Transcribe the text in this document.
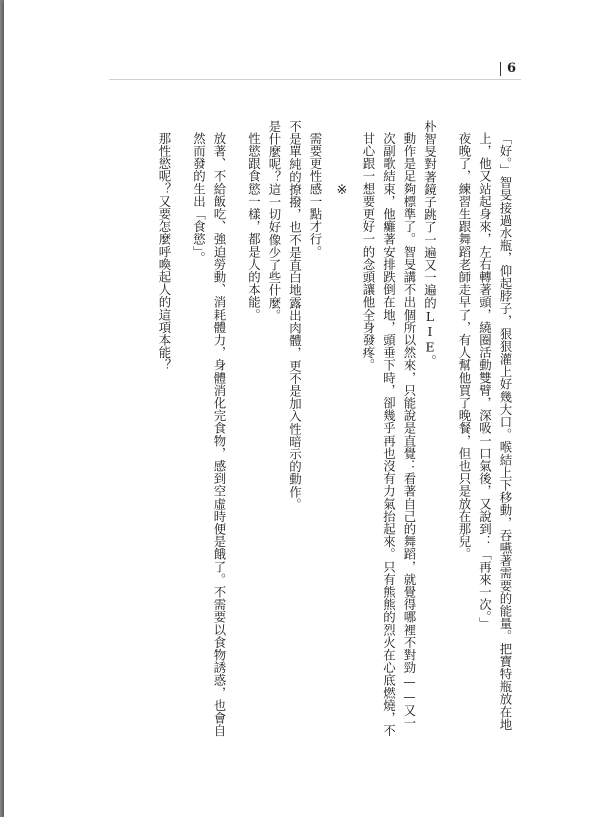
6

「好。」智旻接過水瓶，仰起脖子，狠狠灌上好幾大口。喉結上下移動，吞嚥著需要的能量。把寶特瓶放在地上，他又站起身來，左右轉著頭，繞圈活動雙臂，深吸一口氣後，又說到：「再來一次。」

夜晚了，練習生跟舞蹈老師走早了，有人幫他買了晚餐，但也只是放在那兒。

朴智旻對著鏡子跳了一遍又一遍的LIE。

動作是足夠標準了。智旻講不出個所以然來，只能說是直覺：看著自己的舞蹈，就覺得哪裡不對勁——又一次副歌結束，他癱著安排跌倒在地，頭垂下時，卻幾乎再也沒有力氣抬起來。只有熊熊的烈火在心底燃燒，不甘心跟一想要更好一的念頭讓他全身發疼。

※

需要更性感一點才行。

不是單純的撩撥，也不是直白地露出肉體，更不是加入性暗示的動作。

是什麼呢？這一切好像少了些什麼。

性慾跟食慾一樣，都是人的本能。

放著、不給飯吃、強迫勞動、消耗體力，身體消化完食物，感到空虛時便是餓了。不需要以食物誘惑，也會自然而發的生出「食慾」。

那性慾呢？又要怎麼呼喚起人的這項本能？
